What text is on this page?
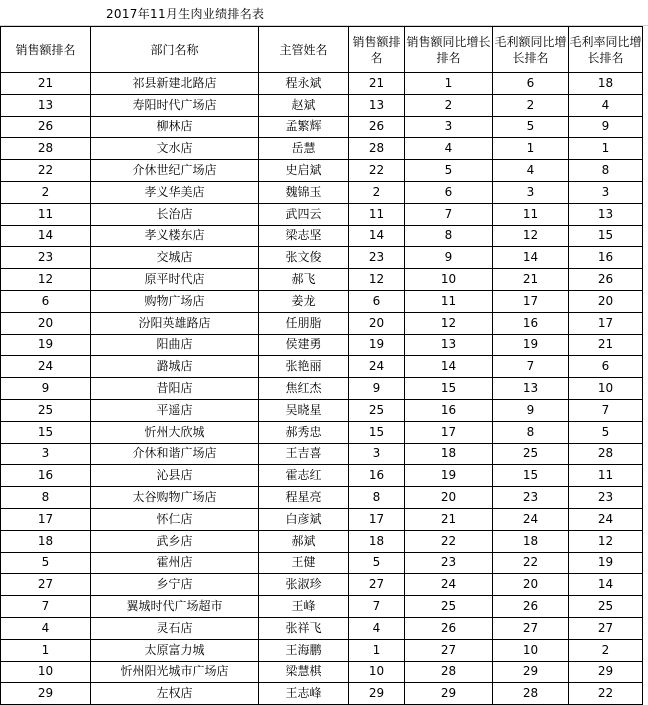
2017年11月生肉业绩排名表
销售额排名	部门名称	主管姓名	销售额排名	销售额同比增长排名	毛利额同比增长排名	毛利率同比增长排名
21	祁县新建北路店	程永斌	21	1	6	18
13	寿阳时代广场店	赵斌	13	2	2	4
26	柳林店	孟繁辉	26	3	5	9
28	文水店	岳慧	28	4	1	1
22	介休世纪广场店	史启斌	22	5	4	8
2	孝义华美店	魏锦玉	2	6	3	3
11	长治店	武四云	11	7	11	13
14	孝义楼东店	梁志坚	14	8	12	15
23	交城店	张文俊	23	9	14	16
12	原平时代店	郝飞	12	10	21	26
6	购物广场店	姜龙	6	11	17	20
20	汾阳英雄路店	任朋脂	20	12	16	17
19	阳曲店	侯建勇	19	13	19	21
24	潞城店	张艳丽	24	14	7	6
9	昔阳店	焦红杰	9	15	13	10
25	平遥店	吴晓星	25	16	9	7
15	忻州大欣城	郝秀忠	15	17	8	5
3	介休和谐广场店	王吉喜	3	18	25	28
16	沁县店	霍志红	16	19	15	11
8	太谷购物广场店	程星亮	8	20	23	23
17	怀仁店	白彦斌	17	21	24	24
18	武乡店	郝斌	18	22	18	12
5	霍州店	王健	5	23	22	19
27	乡宁店	张淑珍	27	24	20	14
7	翼城时代广场超市	王峰	7	25	26	25
4	灵石店	张祥飞	4	26	27	27
1	太原富力城	王海鹏	1	27	10	2
10	忻州阳光城市广场店	梁慧棋	10	28	29	29
29	左权店	王志峰	29	29	28	22
